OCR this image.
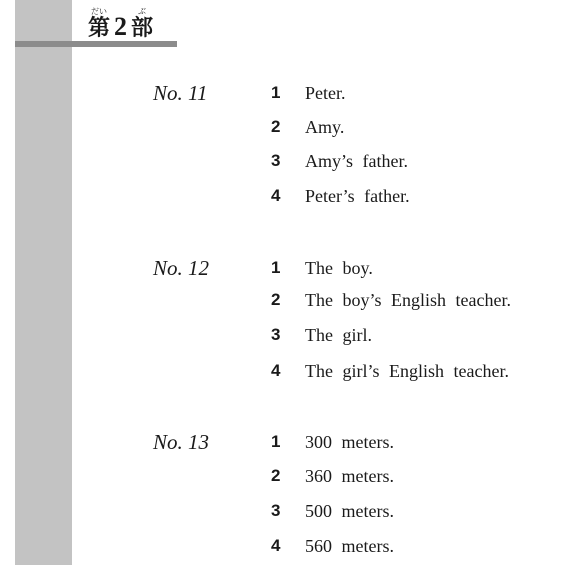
だい
第 2
ぶ
部
No. 11	1	Peter.
2	Amy.
3	Amy’s father.
4	Peter’s father.
No. 12	1	The boy.
2	The boy’s English teacher.
3	The girl.
4	The girl’s English teacher.
No. 13	1	300 meters.
2	360 meters.
3	500 meters.
4	560 meters.
